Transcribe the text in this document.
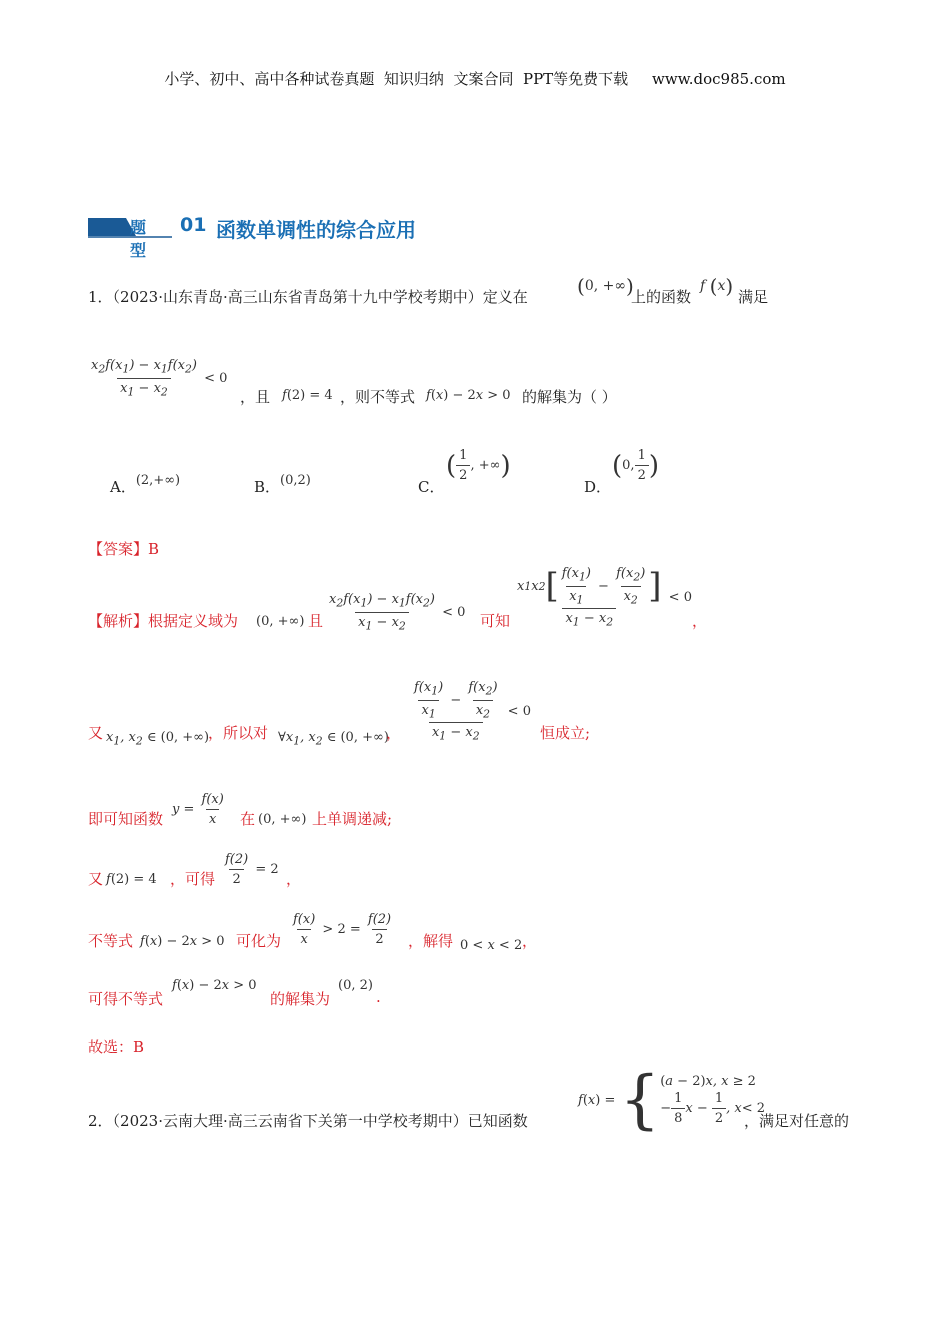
小学、初中、高中各种试卷真题  知识归纳  文案合同  PPT等免费下载     www.doc985.com
题型
01 函数单调性的综合应用
1．（2023·山东青岛·高三山东省青岛第十九中学校考期中）定义在 (0, +∞)
上的函数
f (x) 满足
$\frac{x_2f(x_1) - x_1f(x_2)}{x_1 - x_2} < 0$
，且 f(2) = 4 ，则不等式 f(x) − 2x > 0 的解集为（ ）
A．(2,+∞)	B．(0,2)	C．
( $\frac{1}{2}$ , +∞ )
D．
( 0, $\frac{1}{2}$ )
【答案】B
【解析】根据定义域为 (0, +∞) 且 $\frac{x_2f(x_1) - x_1f(x_2)}{x_1 - x_2} < 0$ 可知 $\frac{x 1 x 2 [ \frac{f(x_1)}{x_1} - \frac{f(x_2)}{x_2} ]}{x_1 - x_2} < 0$
，
又 $x_1$, $x_2$ ∈ (0, +∞)
，所以对 $\forall x_1$, $x_2$ ∈ (0, +∞)
， $\frac{\frac{f(x_1)}{x_1} - \frac{f(x_2)}{x_2}}{x_1 - x_2} < 0$
恒成立;
即可知函数
$y = \frac{f(x)}{x}$ 在 (0, +∞) 上单调递减;
又 f(2) = 4 ，可得 $\frac{f(2)}{2} = 2$
，
不等式 f(x) − 2x > 0 可化为 $\frac{f(x)}{x} > 2 = \frac{f(2)}{2}$ ，解得 0 < x < 2 ，
可得不等式
f(x) − 2x > 0
的解集为
(0, 2)
.
故选：B
2．（2023·云南大理·高三云南省下关第一中学校考期中）已知函数
f ( x ) = { (a − 2)x, x ≥ 2
− $\frac{1}{8}$ $x - \frac{1}{2}$ , x < 2
，满足对任意的
